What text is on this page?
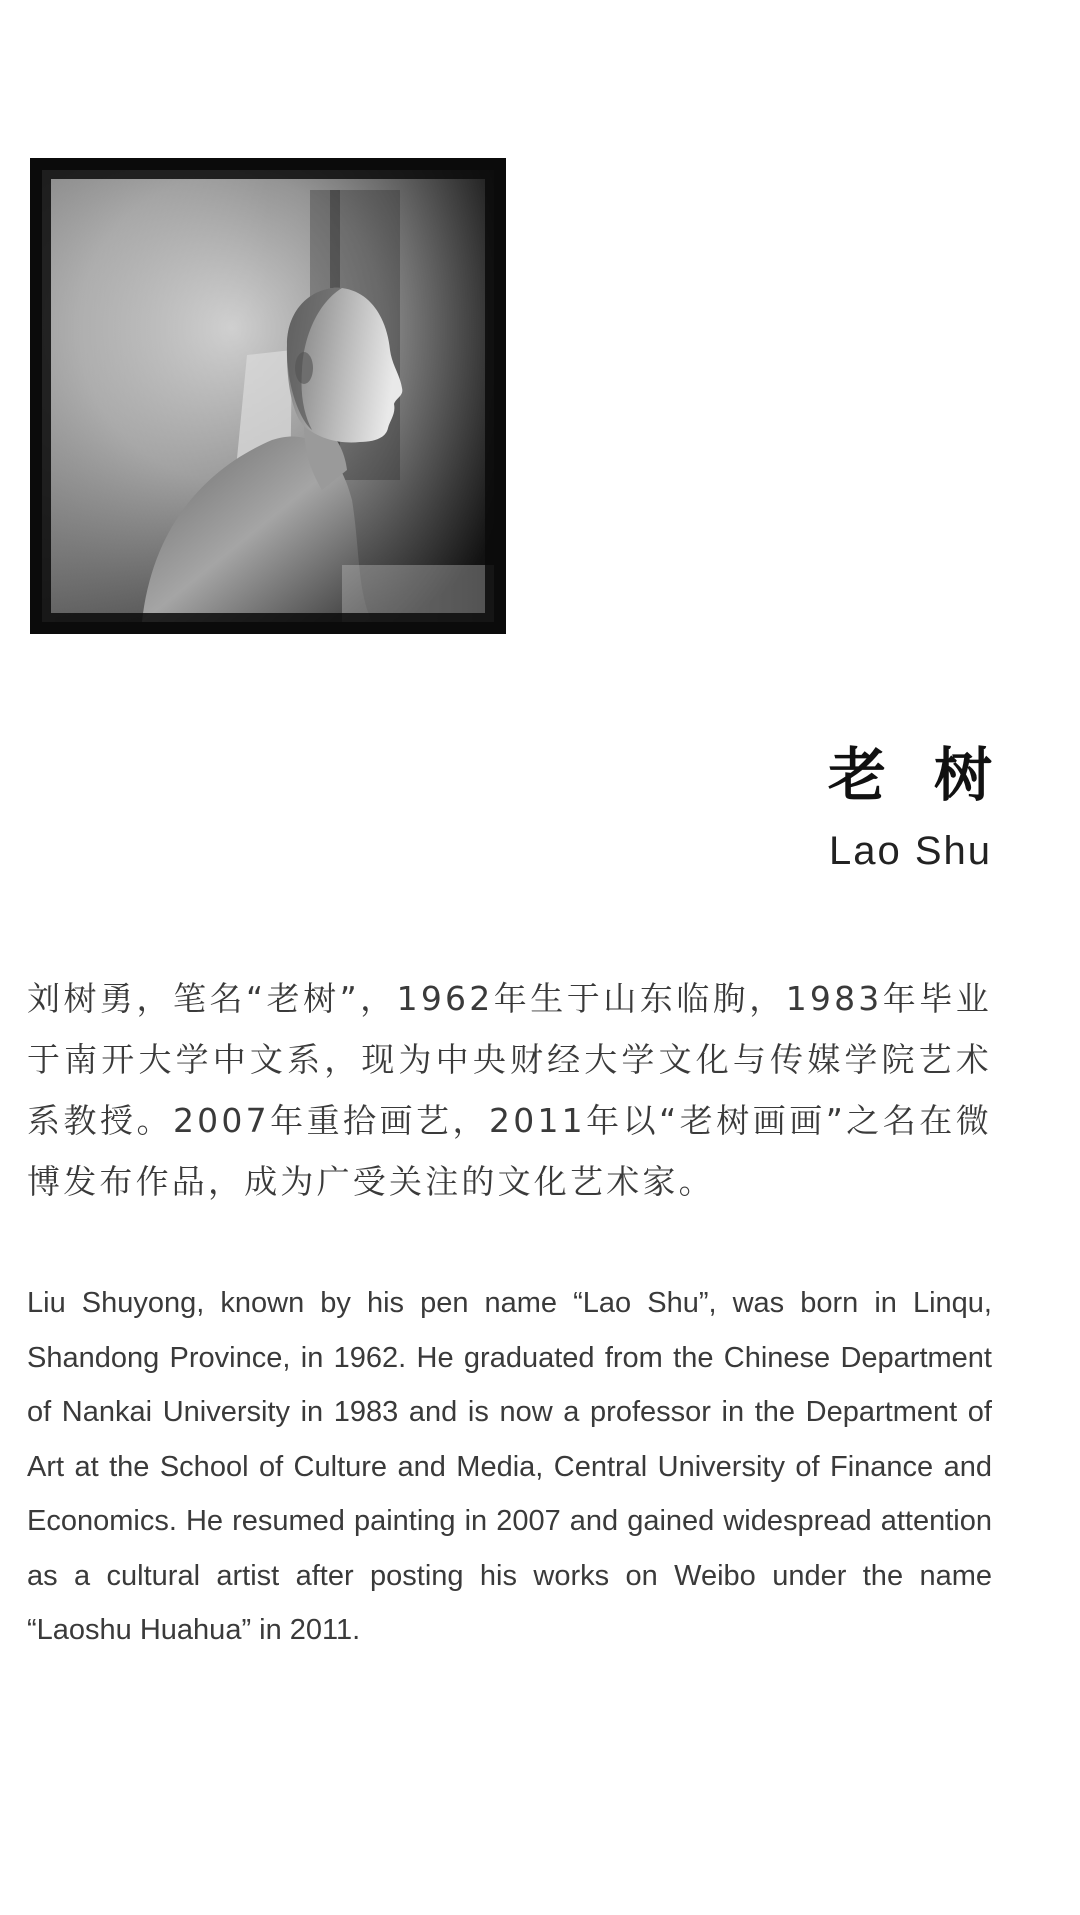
老树
Lao Shu
刘树勇，笔名“老树”，1962年生于山东临朐，1983年毕业于南开大学中文系，现为中央财经大学文化与传媒学院艺术系教授。2007年重拾画艺，2011年以“老树画画”之名在微博发布作品，成为广受关注的文化艺术家。
Liu Shuyong, known by his pen name “Lao Shu”, was born in Linqu, Shandong Province, in 1962. He graduated from the Chinese Department of Nankai University in 1983 and is now a professor in the Department of Art at the School of Culture and Media, Central University of Finance and Economics. He resumed painting in 2007 and gained widespread attention as a cultural artist after posting his works on Weibo under the name “Laoshu Huahua” in 2011.
